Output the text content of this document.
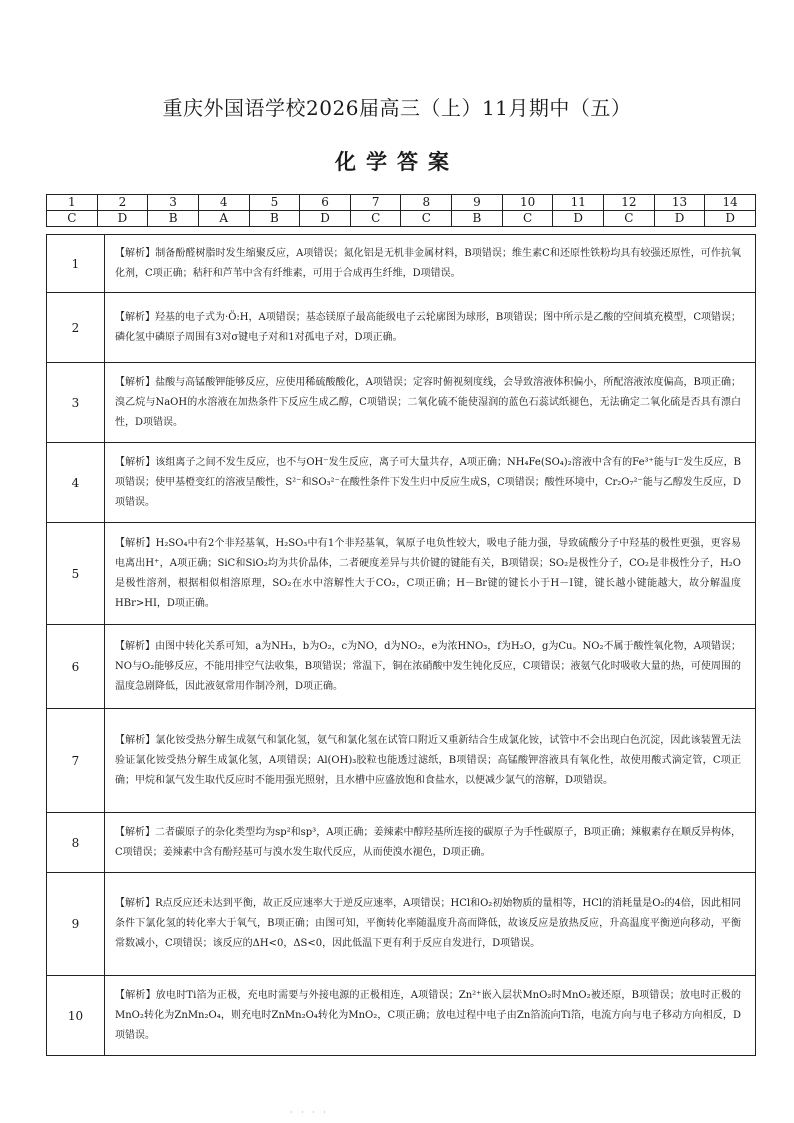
重庆外国语学校2026届高三（上）11月期中（五）
化学答案
1	2	3	4	5	6	7	8	9	10	11	12	13	14
C	D	B	A	B	D	C	C	B	C	D	C	D	D
1	【解析】制备酚醛树脂时发生缩聚反应，A项错误；氮化铝是无机非金属材料，B项错误；维生素C和还原性铁粉均具有较强还原性，可作抗氧化剂，C项正确；秸秆和芦苇中含有纤维素，可用于合成再生纤维，D项错误。
2	【解析】羟基的电子式为·Ö:H，A项错误；基态镁原子最高能级电子云轮廓图为球形，B项错误；图中所示是乙酸的空间填充模型，C项错误；磷化氢中磷原子周围有3对σ键电子对和1对孤电子对，D项正确。
3	【解析】盐酸与高锰酸钾能够反应，应使用稀硫酸酸化，A项错误；定容时俯视刻度线，会导致溶液体积偏小，所配溶液浓度偏高，B项正确；溴乙烷与NaOH的水溶液在加热条件下反应生成乙醇，C项错误；二氧化硫不能使湿润的蓝色石蕊试纸褪色，无法确定二氧化硫是否具有漂白性，D项错误。
4	【解析】该组离子之间不发生反应，也不与OH⁻发生反应，离子可大量共存，A项正确；NH₄Fe(SO₄)₂溶液中含有的Fe³⁺能与I⁻发生反应，B项错误；使甲基橙变红的溶液呈酸性，S²⁻和SO₃²⁻在酸性条件下发生归中反应生成S，C项错误；酸性环境中，Cr₂O₇²⁻能与乙醇发生反应，D项错误。
5	【解析】H₂SO₄中有2个非羟基氧，H₂SO₃中有1个非羟基氧，氧原子电负性较大，吸电子能力强，导致硫酸分子中羟基的极性更强，更容易电离出H⁺，A项正确；SiC和SiO₂均为共价晶体，二者硬度差异与共价键的键能有关，B项错误；SO₂是极性分子，CO₂是非极性分子，H₂O是极性溶剂，根据相似相溶原理，SO₂在水中溶解性大于CO₂，C项正确；H－Br键的键长小于H－I键，键长越小键能越大，故分解温度HBr>HI，D项正确。
6	【解析】由图中转化关系可知，a为NH₃，b为O₂，c为NO，d为NO₂，e为浓HNO₃，f为H₂O，g为Cu。NO₂不属于酸性氧化物，A项错误；NO与O₂能够反应，不能用排空气法收集，B项错误；常温下，铜在浓硝酸中发生钝化反应，C项错误；液氨气化时吸收大量的热，可使周围的温度急剧降低，因此液氨常用作制冷剂，D项正确。
7	【解析】氯化铵受热分解生成氨气和氯化氢，氨气和氯化氢在试管口附近又重新结合生成氯化铵，试管中不会出现白色沉淀，因此该装置无法验证氯化铵受热分解生成氯化氢，A项错误；Al(OH)₃胶粒也能透过滤纸，B项错误；高锰酸钾溶液具有氧化性，故使用酸式滴定管，C项正确；甲烷和氯气发生取代反应时不能用强光照射，且水槽中应盛放饱和食盐水，以便减少氯气的溶解，D项错误。
8	【解析】二者碳原子的杂化类型均为sp²和sp³，A项正确；姜辣素中醇羟基所连接的碳原子为手性碳原子，B项正确；辣椒素存在顺反异构体，C项错误；姜辣素中含有酚羟基可与溴水发生取代反应，从而使溴水褪色，D项正确。
9	【解析】R点反应还未达到平衡，故正反应速率大于逆反应速率，A项错误；HCl和O₂初始物质的量相等，HCl的消耗量是O₂的4倍，因此相同条件下氯化氢的转化率大于氧气，B项正确；由图可知，平衡转化率随温度升高而降低，故该反应是放热反应，升高温度平衡逆向移动，平衡常数减小，C项错误；该反应的ΔH<0，ΔS<0，因此低温下更有利于反应自发进行，D项错误。
10	【解析】放电时Ti箔为正极，充电时需要与外接电源的正极相连，A项错误；Zn²⁺嵌入层状MnO₂时MnO₂被还原，B项错误；放电时正极的MnO₂转化为ZnMn₂O₄，则充电时ZnMn₂O₄转化为MnO₂，C项正确；放电过程中电子由Zn箔流向Ti箔，电流方向与电子移动方向相反，D项错误。
· · · ·
